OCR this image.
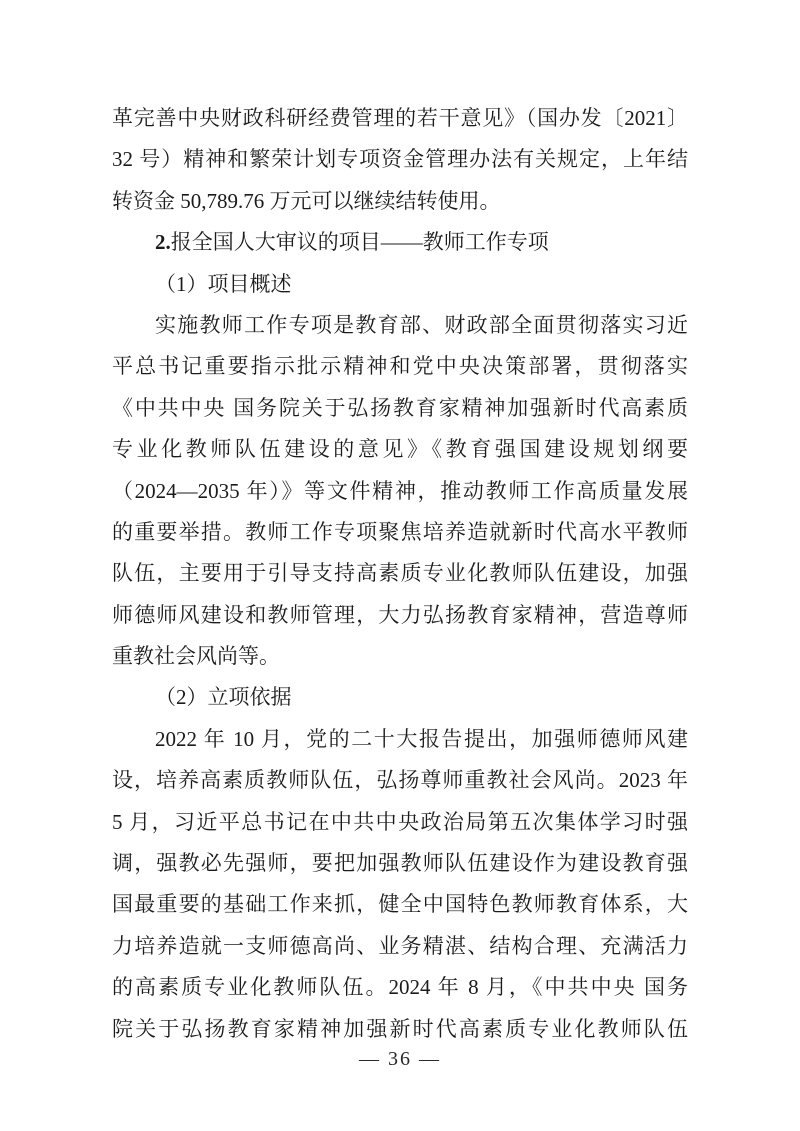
革完善中央财政科研经费管理的若干意见》（国办发〔2021〕
32 号）精神和繁荣计划专项资金管理办法有关规定，上年结
转资金 50,789.76 万元可以继续结转使用。
2.报全国人大审议的项目——教师工作专项
（1）项目概述
实施教师工作专项是教育部、财政部全面贯彻落实习近
平总书记重要指示批示精神和党中央决策部署，贯彻落实
《中共中央 国务院关于弘扬教育家精神加强新时代高素质
专业化教师队伍建设的意见》《教育强国建设规划纲要
（2024—2035 年）》等文件精神，推动教师工作高质量发展
的重要举措。教师工作专项聚焦培养造就新时代高水平教师
队伍，主要用于引导支持高素质专业化教师队伍建设，加强
师德师风建设和教师管理，大力弘扬教育家精神，营造尊师
重教社会风尚等。
（2）立项依据
2022 年 10 月，党的二十大报告提出，加强师德师风建
设，培养高素质教师队伍，弘扬尊师重教社会风尚。2023 年
5 月，习近平总书记在中共中央政治局第五次集体学习时强
调，强教必先强师，要把加强教师队伍建设作为建设教育强
国最重要的基础工作来抓，健全中国特色教师教育体系，大
力培养造就一支师德高尚、业务精湛、结构合理、充满活力
的高素质专业化教师队伍。2024 年 8 月，《中共中央 国务
院关于弘扬教育家精神加强新时代高素质专业化教师队伍
— 36 —
